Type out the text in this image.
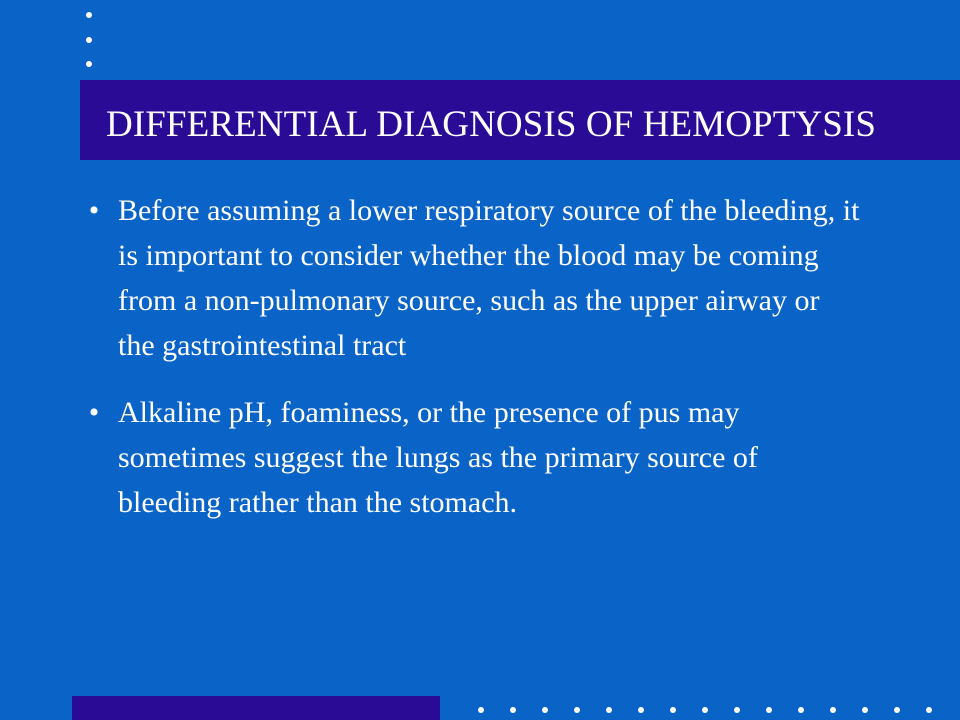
DIFFERENTIAL DIAGNOSIS OF HEMOPTYSIS
• Before assuming a lower respiratory source of the bleeding, it is important to consider whether the blood may be coming from a non-pulmonary source, such as the upper airway or the gastrointestinal tract
• Alkaline pH, foaminess, or the presence of pus may sometimes suggest the lungs as the primary source of bleeding rather than the stomach.
